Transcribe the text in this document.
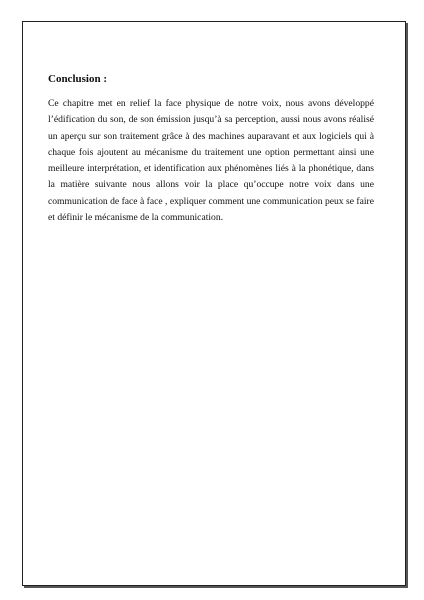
Conclusion :

Ce chapitre met en relief la face physique de notre voix, nous avons développé l’édification du son, de son émission jusqu’à sa perception, aussi nous avons réalisé un aperçu sur son traitement grâce à des machines auparavant et aux logiciels qui à chaque fois ajoutent au mécanisme du traitement une option permettant ainsi une meilleure interprétation, et identification aux phénomènes liés à la phonétique, dans la matière suivante nous allons voir la place qu’occupe notre voix dans une communication de face à face , expliquer comment une communication peux se faire et définir le mécanisme de la communication.
